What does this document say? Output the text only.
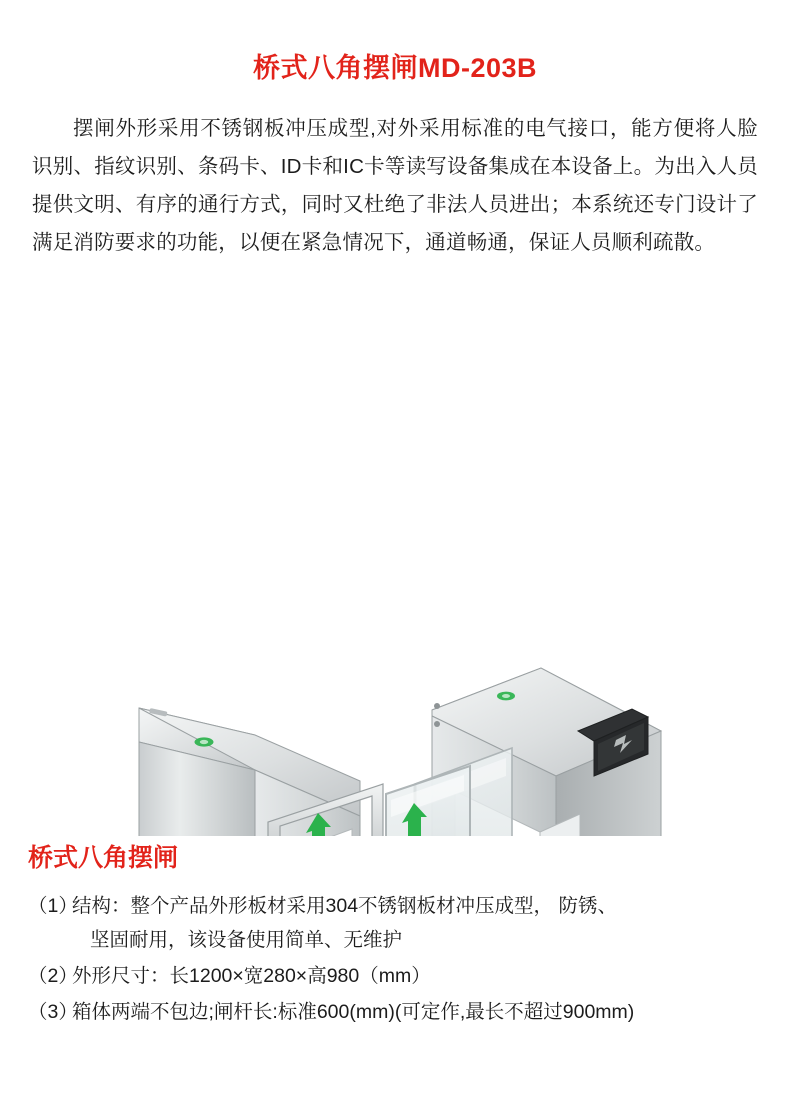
桥式八角摆闸MD-203B

摆闸外形采用不锈钢板冲压成型,对外采用标准的电气接口，能方便将人脸识别、指纹识别、条码卡、ID卡和IC卡等读写设备集成在本设备上。为出入人员提供文明、有序的通行方式，同时又杜绝了非法人员进出；本系统还专门设计了满足消防要求的功能，以便在紧急情况下，通道畅通，保证人员顺利疏散。

桥式八角摆闸
（1）
结构：整个产品外形板材采用304不锈钢板材冲压成型， 防锈、
坚固耐用，该设备使用简单、无维护
（2）
外形尺寸：长1200×宽280×高980（mm）
（3）
箱体两端不包边;闸杆长:标准600(mm)(可定作,最长不超过900mm)
